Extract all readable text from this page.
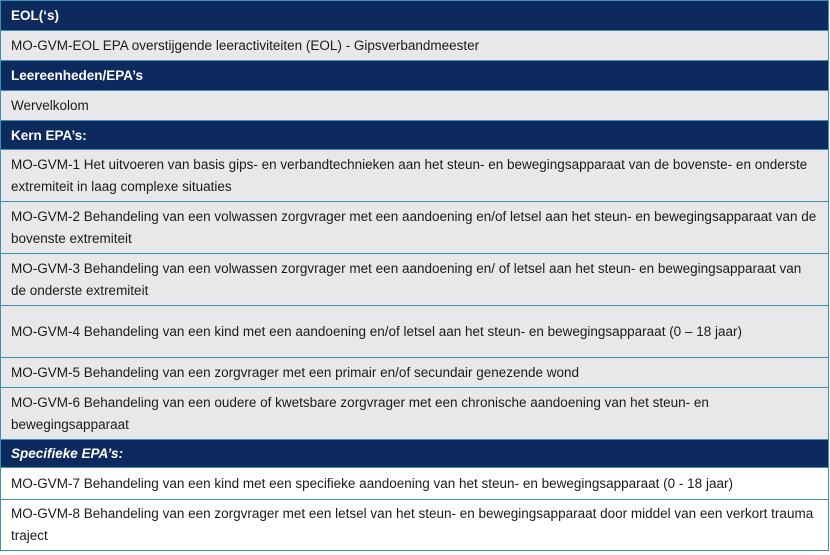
EOL(‘s)
MO-GVM-EOL EPA overstijgende leeractiviteiten (EOL) - Gipsverbandmeester
Leereenheden/EPA’s
Wervelkolom
Kern EPA’s:
MO-GVM-1 Het uitvoeren van basis gips- en verbandtechnieken aan het steun- en bewegingsapparaat van de bovenste- en onderste extremiteit in laag complexe situaties
MO-GVM-2 Behandeling van een volwassen zorgvrager met een aandoening en/of letsel aan het steun- en bewegingsapparaat van de bovenste extremiteit
MO-GVM-3 Behandeling van een volwassen zorgvrager met een aandoening en/ of letsel aan het steun- en bewegingsapparaat van de onderste extremiteit
MO-GVM-4 Behandeling van een kind met een aandoening en/of letsel aan het steun- en bewegingsapparaat (0 – 18 jaar)
MO-GVM-5 Behandeling van een zorgvrager met een primair en/of secundair genezende wond
MO-GVM-6 Behandeling van een oudere of kwetsbare zorgvrager met een chronische aandoening van het steun- en bewegingsapparaat
Specifieke EPA’s:
MO-GVM-7 Behandeling van een kind met een specifieke aandoening van het steun- en bewegingsapparaat (0 - 18 jaar)
MO-GVM-8 Behandeling van een zorgvrager met een letsel van het steun- en bewegingsapparaat door middel van een verkort trauma traject
